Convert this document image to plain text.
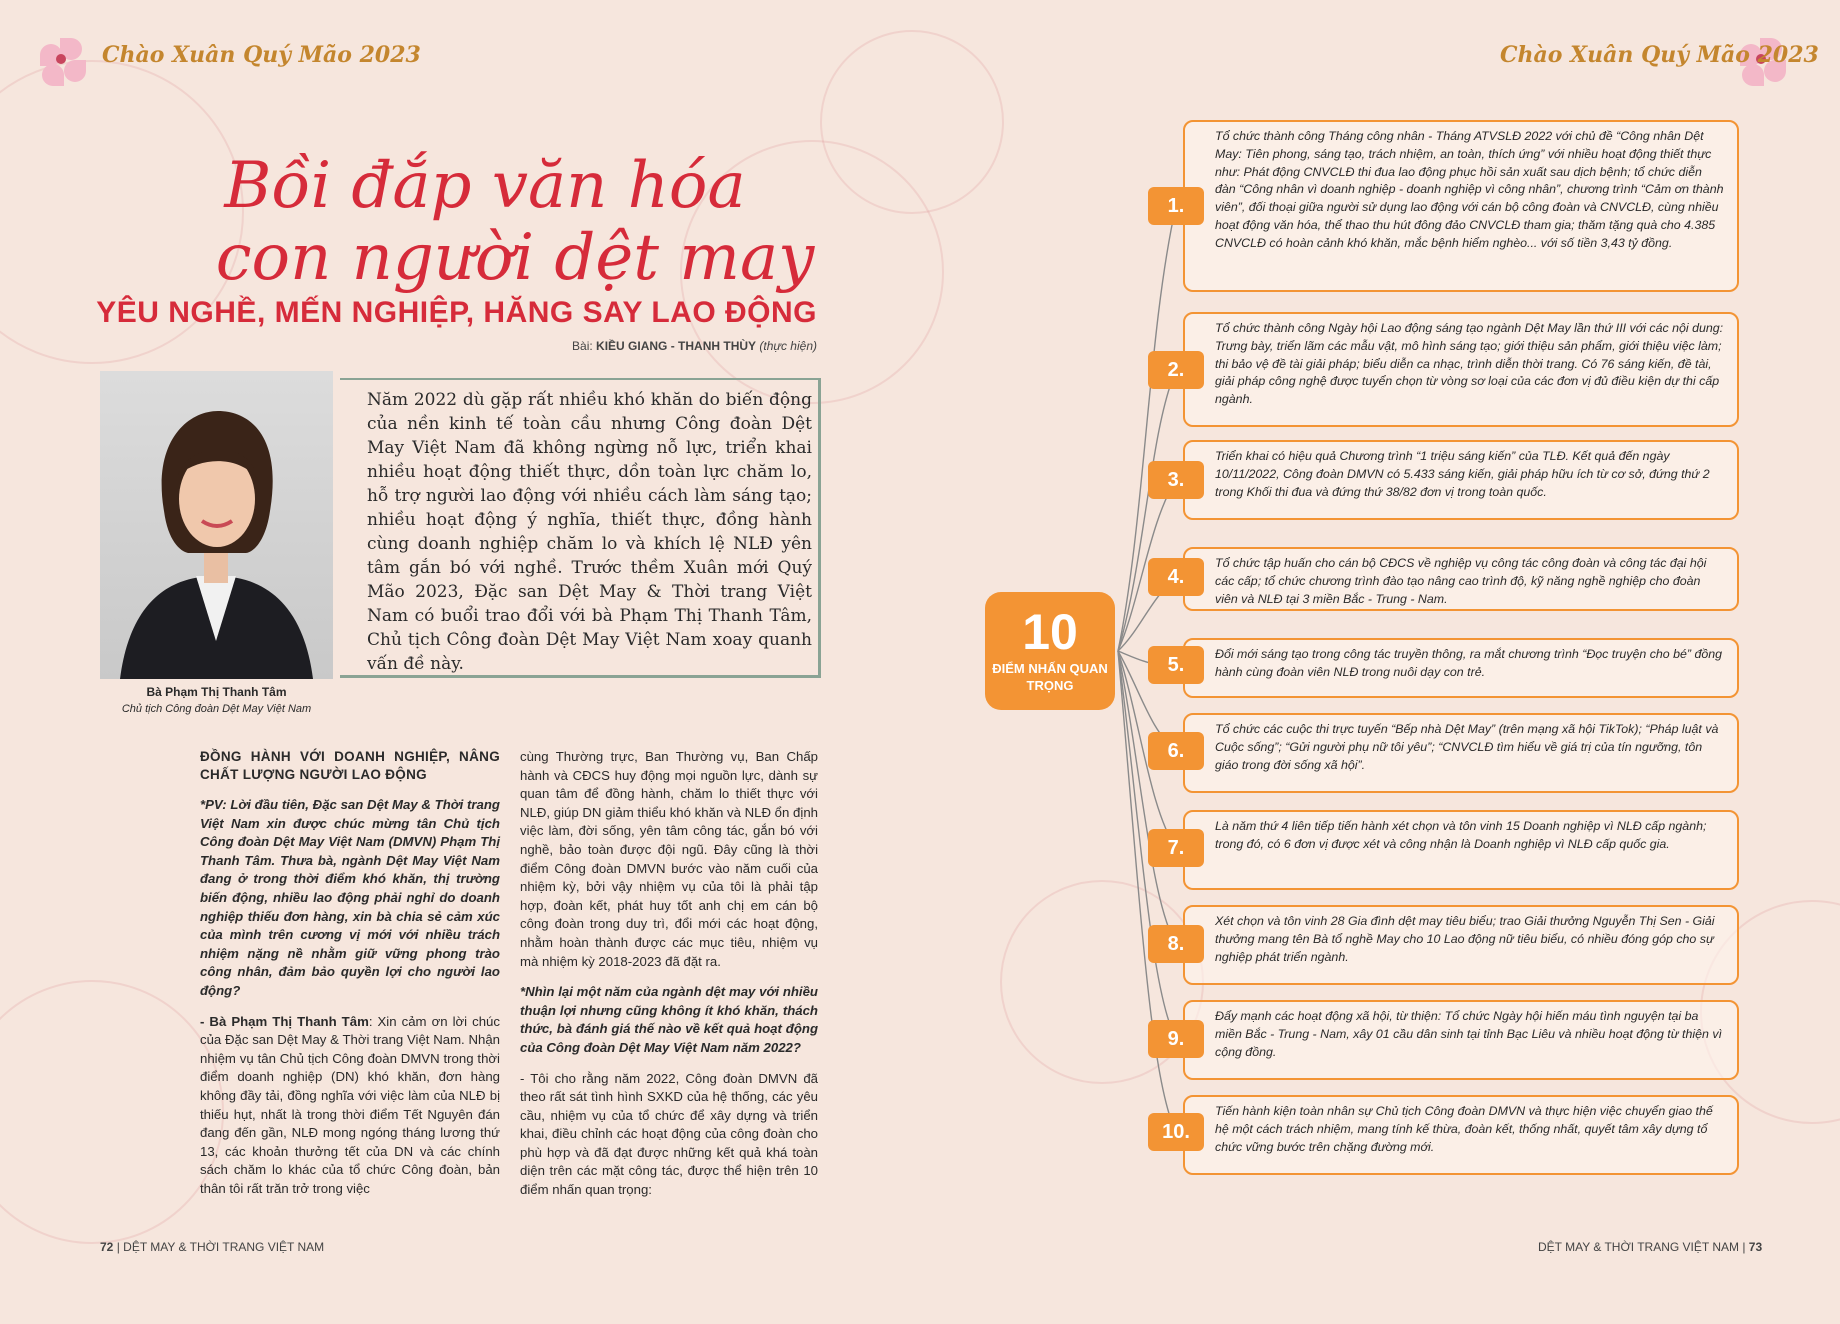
Chào Xuân Quý Mão 2023	Chào Xuân Quý Mão 2023
Bồi đắp văn hóa
con người dệt may
YÊU NGHỀ, MẾN NGHIỆP, HĂNG SAY LAO ĐỘNG
Bài: KIỀU GIANG - THANH THÙY (thực hiện)
Năm 2022 dù gặp rất nhiều khó khăn do biến động của nền kinh tế toàn cầu nhưng Công đoàn Dệt May Việt Nam đã không ngừng nỗ lực, triển khai nhiều hoạt động thiết thực, dồn toàn lực chăm lo, hỗ trợ người lao động với nhiều cách làm sáng tạo; nhiều hoạt động ý nghĩa, thiết thực, đồng hành cùng doanh nghiệp chăm lo và khích lệ NLĐ yên tâm gắn bó với nghề. Trước thềm Xuân mới Quý Mão 2023, Đặc san Dệt May & Thời trang Việt Nam có buổi trao đổi với bà Phạm Thị Thanh Tâm, Chủ tịch Công đoàn Dệt May Việt Nam xoay quanh vấn đề này.
Bà Phạm Thị Thanh Tâm
Chủ tịch Công đoàn Dệt May Việt Nam
ĐỒNG HÀNH VỚI DOANH NGHIỆP, NÂNG CHẤT LƯỢNG NGƯỜI LAO ĐỘNG

*PV: Lời đầu tiên, Đặc san Dệt May & Thời trang Việt Nam xin được chúc mừng tân Chủ tịch Công đoàn Dệt May Việt Nam (DMVN) Phạm Thị Thanh Tâm. Thưa bà, ngành Dệt May Việt Nam đang ở trong thời điểm khó khăn, thị trường biến động, nhiều lao động phải nghỉ do doanh nghiệp thiếu đơn hàng, xin bà chia sẻ cảm xúc của mình trên cương vị mới với nhiều trách nhiệm nặng nề nhằm giữ vững phong trào công nhân, đảm bảo quyền lợi cho người lao động?

- Bà Phạm Thị Thanh Tâm: Xin cảm ơn lời chúc của Đặc san Dệt May & Thời trang Việt Nam. Nhận nhiệm vụ tân Chủ tịch Công đoàn DMVN trong thời điểm doanh nghiệp (DN) khó khăn, đơn hàng không đầy tải, đồng nghĩa với việc làm của NLĐ bị thiếu hụt, nhất là trong thời điểm Tết Nguyên đán đang đến gần, NLĐ mong ngóng tháng lương thứ 13, các khoản thưởng tết của DN và các chính sách chăm lo khác của tổ chức Công đoàn, bản thân tôi rất trăn trở trong việc

cùng Thường trực, Ban Thường vụ, Ban Chấp hành và CĐCS huy động mọi nguồn lực, dành sự quan tâm để đồng hành, chăm lo thiết thực với NLĐ, giúp DN giảm thiểu khó khăn và NLĐ ổn định việc làm, đời sống, yên tâm công tác, gắn bó với nghề, bảo toàn được đội ngũ. Đây cũng là thời điểm Công đoàn DMVN bước vào năm cuối của nhiệm kỳ, bởi vậy nhiệm vụ của tôi là phải tập hợp, đoàn kết, phát huy tốt anh chị em cán bộ công đoàn trong duy trì, đổi mới các hoạt động, nhằm hoàn thành được các mục tiêu, nhiệm vụ mà nhiệm kỳ 2018-2023 đã đặt ra.

*Nhìn lại một năm của ngành dệt may với nhiều thuận lợi nhưng cũng không ít khó khăn, thách thức, bà đánh giá thế nào về kết quả hoạt động của Công đoàn Dệt May Việt Nam năm 2022?

- Tôi cho rằng năm 2022, Công đoàn DMVN đã theo rất sát tình hình SXKD của hệ thống, các yêu cầu, nhiệm vụ của tổ chức để xây dựng và triển khai, điều chỉnh các hoạt động của công đoàn cho phù hợp và đã đạt được những kết quả khá toàn diện trên các mặt công tác, được thể hiện trên 10 điểm nhấn quan trọng:

72 | DỆT MAY & THỜI TRANG VIỆT NAM	DỆT MAY & THỜI TRANG VIỆT NAM | 73
10
ĐIỂM NHẤN QUAN TRỌNG
Tổ chức thành công Tháng công nhân - Tháng ATVSLĐ 2022 với chủ đề “Công nhân Dệt May: Tiên phong, sáng tạo, trách nhiệm, an toàn, thích ứng” với nhiều hoạt động thiết thực như: Phát động CNVCLĐ thi đua lao động phục hồi sản xuất sau dịch bệnh; tổ chức diễn đàn “Công nhân vì doanh nghiệp - doanh nghiệp vì công nhân”, chương trình “Cảm ơn thành viên”, đối thoại giữa người sử dụng lao động với cán bộ công đoàn và CNVCLĐ, cùng nhiều hoạt động văn hóa, thể thao thu hút đông đảo CNVCLĐ tham gia; thăm tặng quà cho 4.385 CNVCLĐ có hoàn cảnh khó khăn, mắc bệnh hiểm nghèo... với số tiền 3,43 tỷ đồng.
1.
Tổ chức thành công Ngày hội Lao động sáng tạo ngành Dệt May lần thứ III với các nội dung: Trưng bày, triển lãm các mẫu vật, mô hình sáng tạo; giới thiệu sản phẩm, giới thiệu việc làm; thi bảo vệ đề tài giải pháp; biểu diễn ca nhạc, trình diễn thời trang. Có 76 sáng kiến, đề tài, giải pháp công nghệ được tuyển chọn từ vòng sơ loại của các đơn vị đủ điều kiện dự thi cấp ngành.
2.
Triển khai có hiệu quả Chương trình “1 triệu sáng kiến” của TLĐ. Kết quả đến ngày 10/11/2022, Công đoàn DMVN có 5.433 sáng kiến, giải pháp hữu ích từ cơ sở, đứng thứ 2 trong Khối thi đua và đứng thứ 38/82 đơn vị trong toàn quốc.
3.
Tổ chức tập huấn cho cán bộ CĐCS về nghiệp vụ công tác công đoàn và công tác đại hội các cấp; tổ chức chương trình đào tạo nâng cao trình độ, kỹ năng nghề nghiệp cho đoàn viên và NLĐ tại 3 miền Bắc - Trung - Nam.
4.
Đổi mới sáng tạo trong công tác truyền thông, ra mắt chương trình “Đọc truyện cho bé” đồng hành cùng đoàn viên NLĐ trong nuôi dạy con trẻ.
5.
Tổ chức các cuộc thi trực tuyến “Bếp nhà Dệt May” (trên mạng xã hội TikTok); “Pháp luật và Cuộc sống”; “Gửi người phụ nữ tôi yêu”; “CNVCLĐ tìm hiểu về giá trị của tín ngưỡng, tôn giáo trong đời sống xã hội”.
6.
Là năm thứ 4 liên tiếp tiến hành xét chọn và tôn vinh 15 Doanh nghiệp vì NLĐ cấp ngành; trong đó, có 6 đơn vị được xét và công nhận là Doanh nghiệp vì NLĐ cấp quốc gia.
7.
Xét chọn và tôn vinh 28 Gia đình dệt may tiêu biểu; trao Giải thưởng Nguyễn Thị Sen - Giải thưởng mang tên Bà tổ nghề May cho 10 Lao động nữ tiêu biểu, có nhiều đóng góp cho sự nghiệp phát triển ngành.
8.
Đẩy mạnh các hoạt động xã hội, từ thiện: Tổ chức Ngày hội hiến máu tình nguyện tại ba miền Bắc - Trung - Nam, xây 01 cầu dân sinh tại tỉnh Bạc Liêu và nhiều hoạt động từ thiện vì cộng đồng.
9.
Tiến hành kiện toàn nhân sự Chủ tịch Công đoàn DMVN và thực hiện việc chuyển giao thế hệ một cách trách nhiệm, mang tính kế thừa, đoàn kết, thống nhất, quyết tâm xây dựng tổ chức vững bước trên chặng đường mới.
10.
